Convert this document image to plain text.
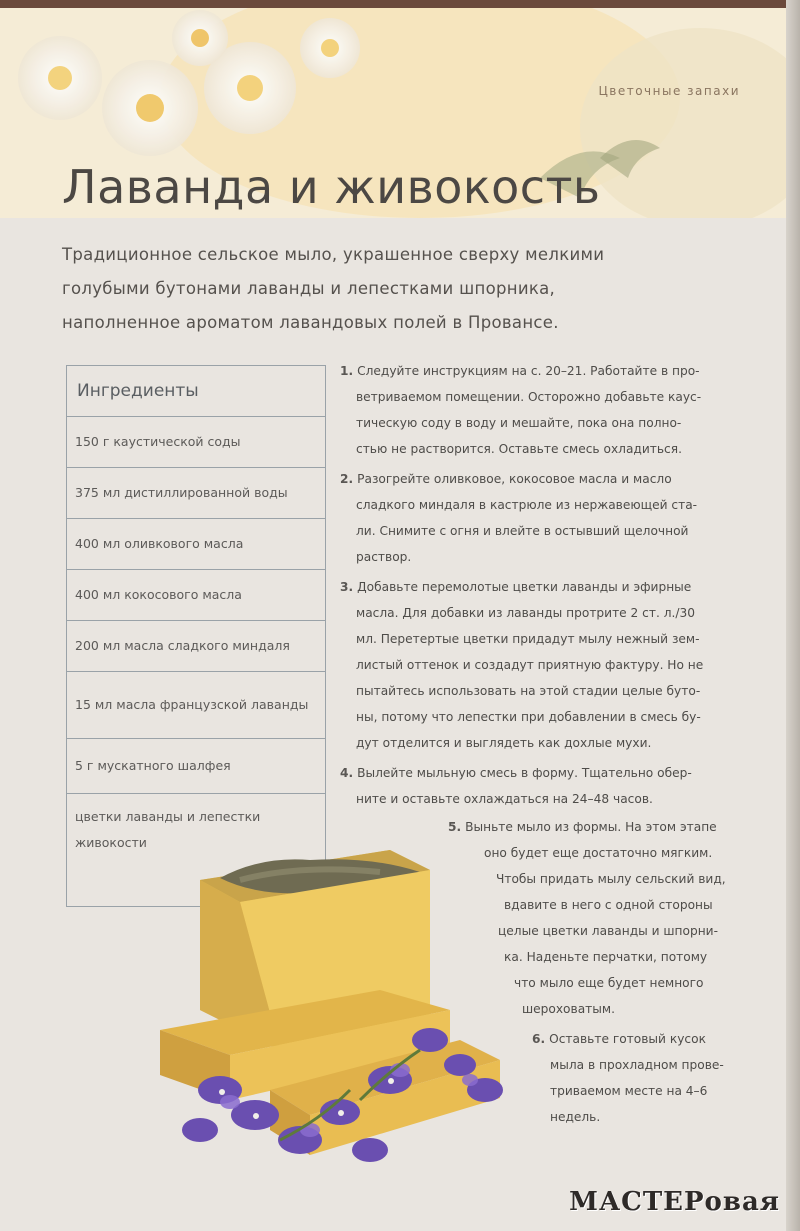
Цветочные запахи
Лаванда и живокость
Традиционное сельское мыло, украшенное сверху мелкими
голубыми бутонами лаванды и лепестками шпорника,
наполненное ароматом лавандовых полей в Провансе.
Ингредиенты
150 г каустической соды
375 мл дистиллированной воды
400 мл оливкового масла
400 мл кокосового масла
200 мл масла сладкого миндаля
15 мл масла французской лаванды
5 г мускатного шалфея
цветки лаванды и лепестки живокости
1. Следуйте инструкциям на с. 20–21. Работайте в про-
ветриваемом помещении. Осторожно добавьте каус-
тическую соду в воду и мешайте, пока она полно-
стью не растворится. Оставьте смесь охладиться.
2. Разогрейте оливковое, кокосовое масла и масло
сладкого миндаля в кастрюле из нержавеющей ста-
ли. Снимите с огня и влейте в остывший щелочной
раствор.
3. Добавьте перемолотые цветки лаванды и эфирные
масла. Для добавки из лаванды протрите 2 ст. л./30
мл. Перетертые цветки придадут мылу нежный зем-
листый оттенок и создадут приятную фактуру. Но не
пытайтесь использовать на этой стадии целые буто-
ны, потому что лепестки при добавлении в смесь бу-
дут отделится и выглядеть как дохлые мухи.
4. Вылейте мыльную смесь в форму. Тщательно обер-
ните и оставьте охлаждаться на 24–48 часов.
5. Выньте мыло из формы. На этом этапе
оно будет еще достаточно мягким.
Чтобы придать мылу сельский вид,
вдавите в него с одной стороны
целые цветки лаванды и шпорни-
ка. Наденьте перчатки, потому
что мыло еще будет немного
шероховатым.
6. Оставьте готовый кусок
мыла в прохладном прове-
триваемом месте на 4–6
недель.
МАСТЕРовая
